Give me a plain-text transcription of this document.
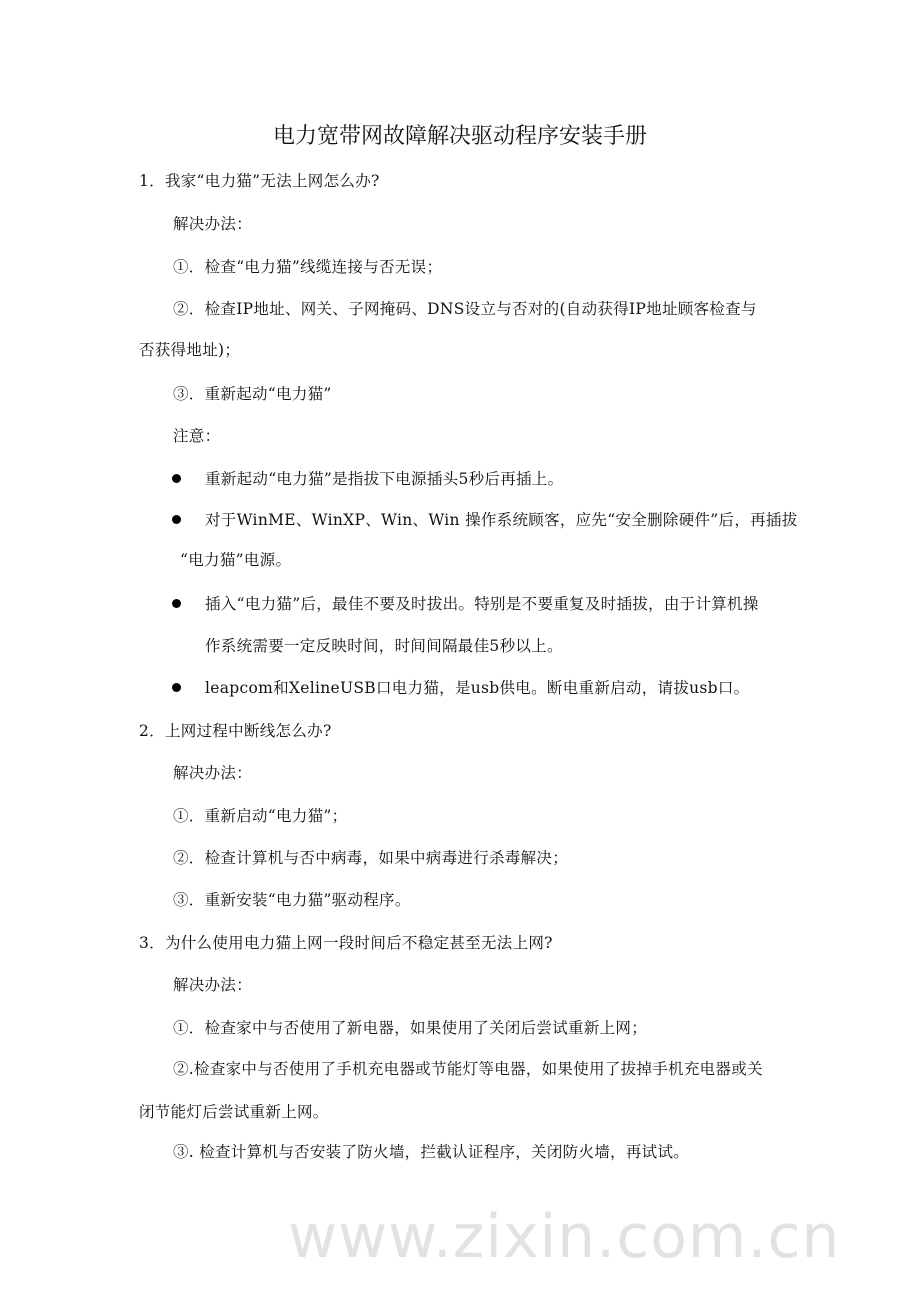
www.zixin.com.cn
电力宽带网故障解决驱动程序安装手册
1．我家“电力猫”无法上网怎么办?
解决办法：
①．检查“电力猫”线缆连接与否无误；
②．检查IP地址、网关、子网掩码、DNS设立与否对的(自动获得IP地址顾客检查与
否获得地址)；
③．重新起动“电力猫”
注意：
重新起动“电力猫”是指拔下电源插头5秒后再插上。
对于WinME、WinXP、Win、Win 操作系统顾客，应先“安全删除硬件”后，再插拔
“电力猫”电源。
插入“电力猫”后，最佳不要及时拔出。特别是不要重复及时插拔，由于计算机操
作系统需要一定反映时间，时间间隔最佳5秒以上。
leapcom和XelineUSB口电力猫，是usb供电。断电重新启动，请拔usb口。
2．上网过程中断线怎么办?
解决办法：
①．重新启动“电力猫”；
②．检查计算机与否中病毒，如果中病毒进行杀毒解决；
③．重新安装“电力猫”驱动程序。
3．为什么使用电力猫上网一段时间后不稳定甚至无法上网?
解决办法：
①．检查家中与否使用了新电器，如果使用了关闭后尝试重新上网；
②.检查家中与否使用了手机充电器或节能灯等电器，如果使用了拔掉手机充电器或关
闭节能灯后尝试重新上网。
③. 检查计算机与否安装了防火墙，拦截认证程序，关闭防火墙，再试试。
